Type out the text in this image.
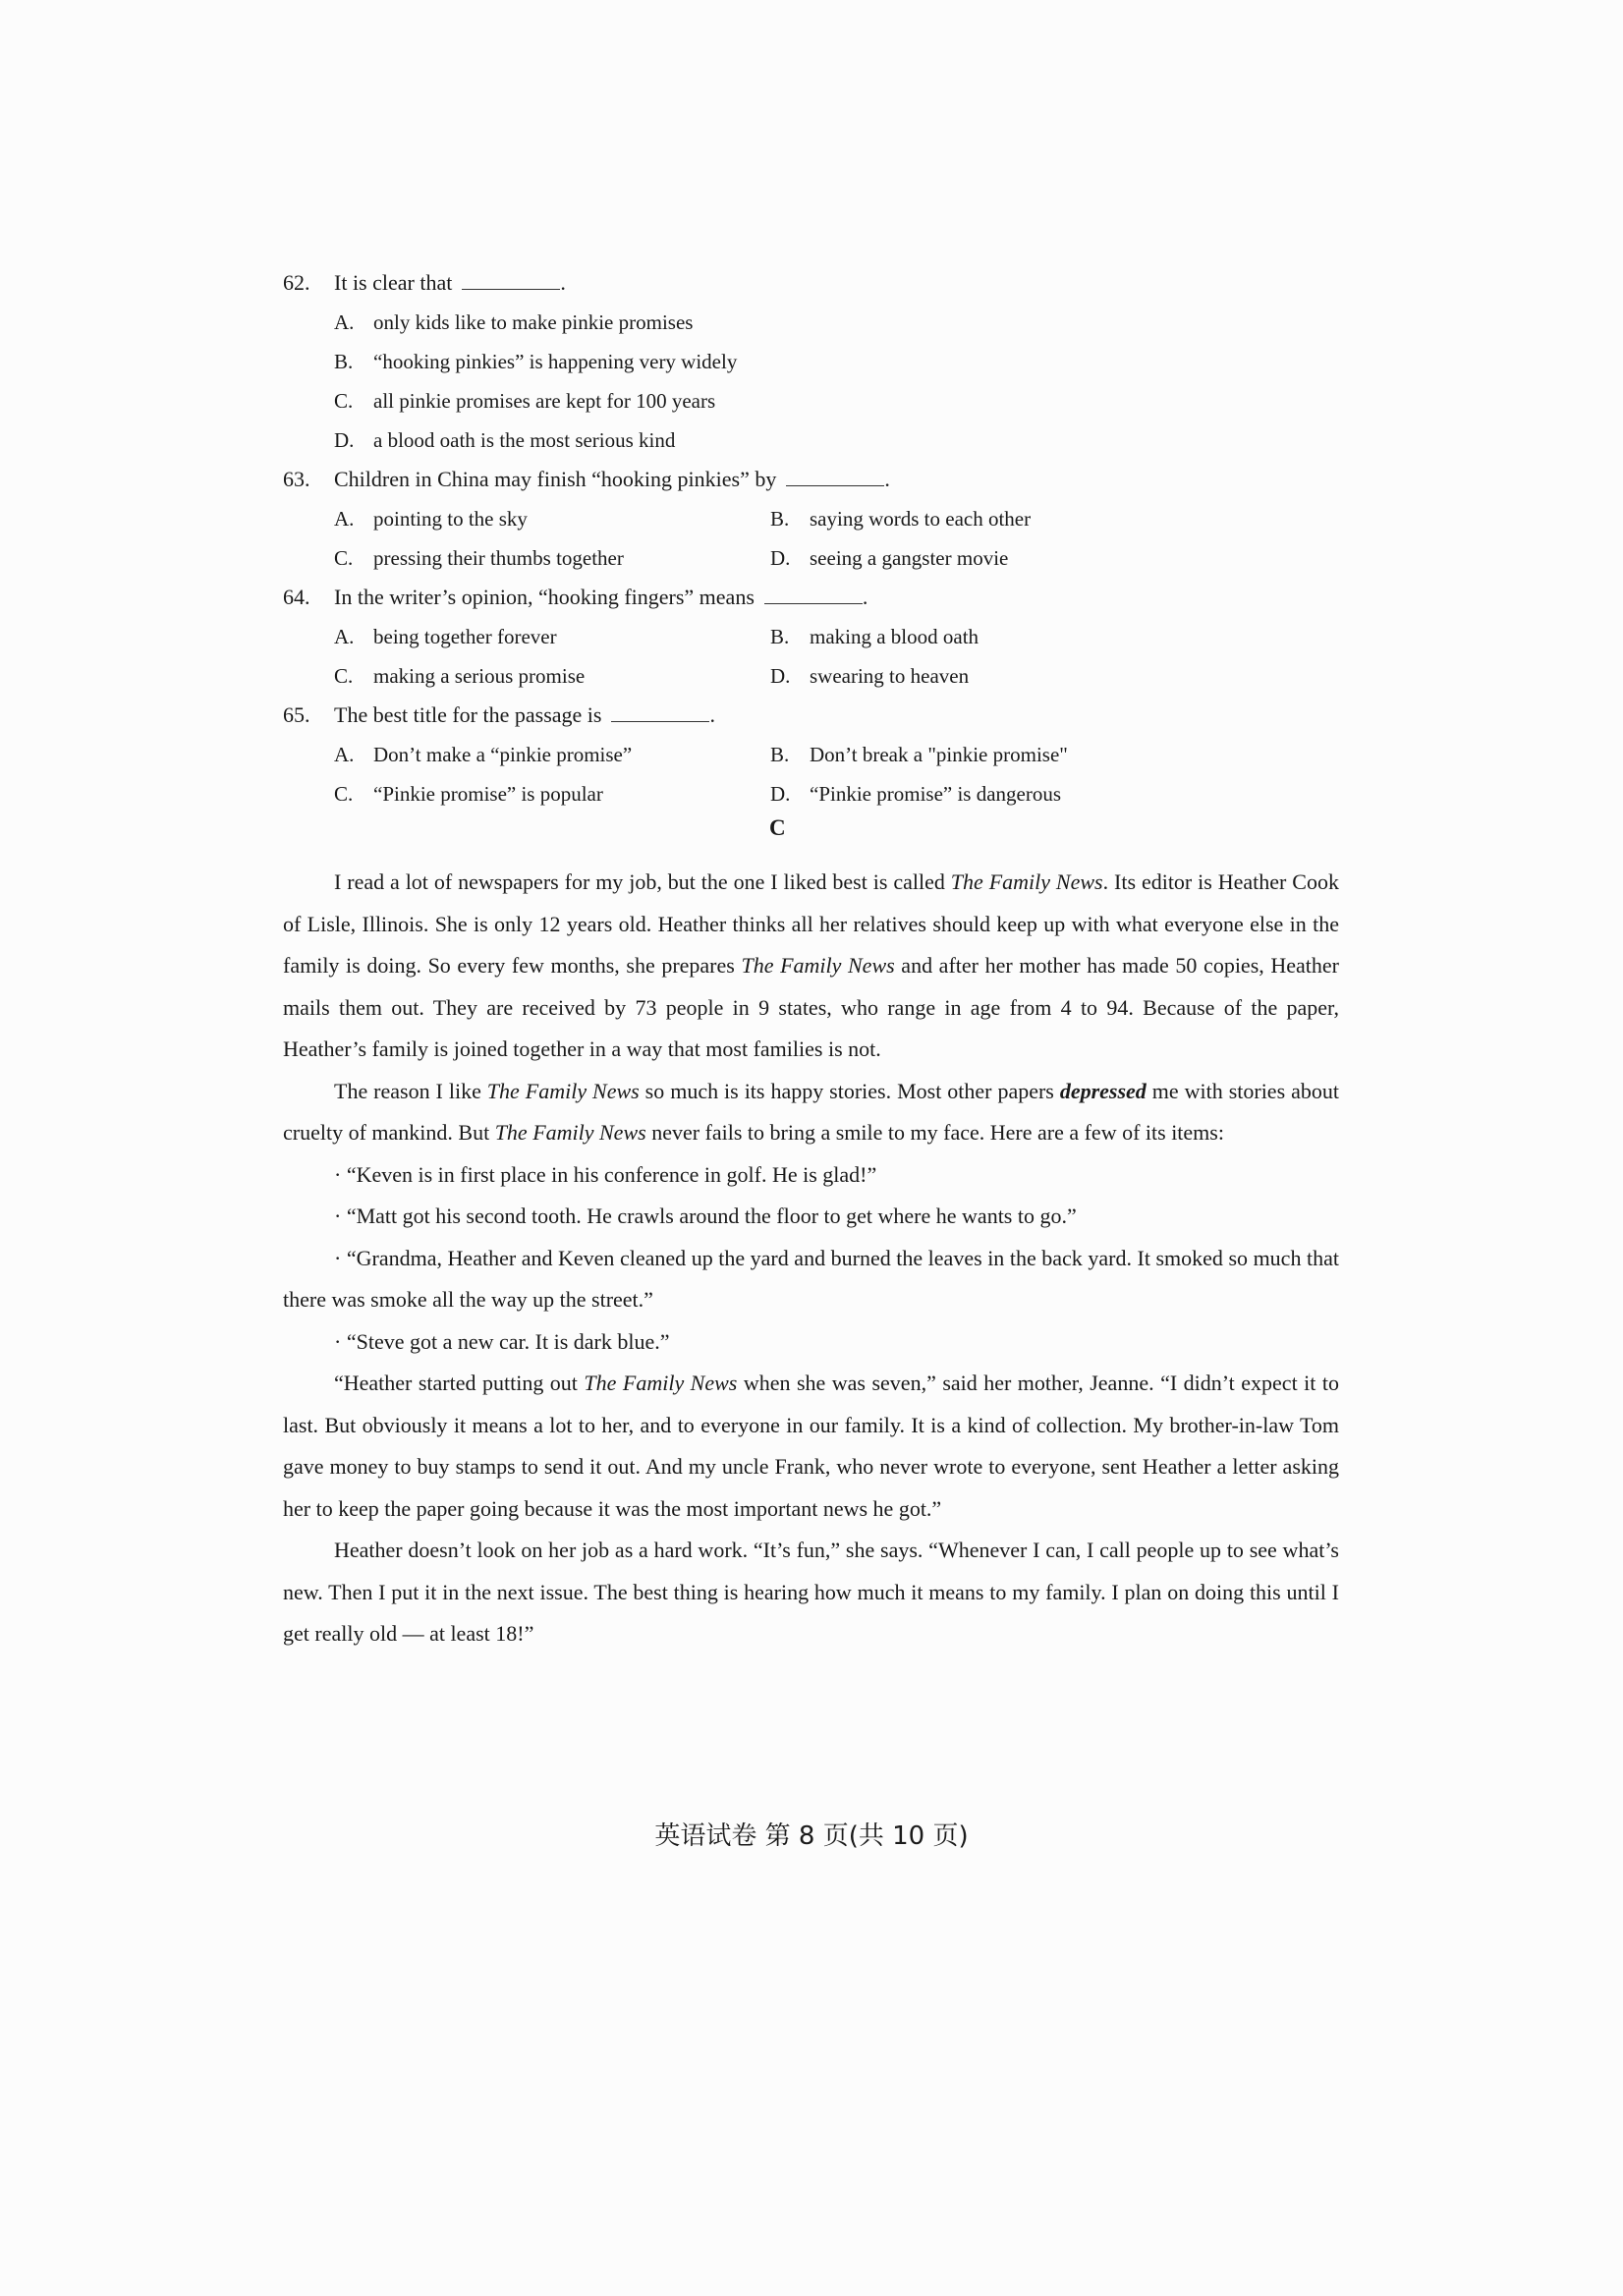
62. It is clear that	.
A. only kids like to make pinkie promises
B. “hooking pinkies” is happening very widely
C. all pinkie promises are kept for 100 years
D. a blood oath is the most serious kind
63. Children in China may finish “hooking pinkies” by	.
A. pointing to the sky	B. saying words to each other
C. pressing their thumbs together	D. seeing a gangster movie
64. In the writer’s opinion, “hooking fingers” means	.
A. being together forever	B. making a blood oath
C. making a serious promise	D. swearing to heaven
65. The best title for the passage is	.
A. Don’t make a “pinkie promise”	B. Don’t break a "pinkie promise"
C. “Pinkie promise” is popular	D. “Pinkie promise” is dangerous
C

I read a lot of newspapers for my job, but the one I liked best is called The Family News. Its editor is Heather Cook of Lisle, Illinois. She is only 12 years old. Heather thinks all her relatives should keep up with what everyone else in the family is doing. So every few months, she prepares The Family News and after her mother has made 50 copies, Heather mails them out. They are received by 73 people in 9 states, who range in age from 4 to 94. Because of the paper, Heather’s family is joined together in a way that most families is not.

The reason I like The Family News so much is its happy stories. Most other papers depressed me with stories about cruelty of mankind. But The Family News never fails to bring a smile to my face. Here are a few of its items:

· “Keven is in first place in his conference in golf. He is glad!”

· “Matt got his second tooth. He crawls around the floor to get where he wants to go.”

· “Grandma, Heather and Keven cleaned up the yard and burned the leaves in the back yard. It smoked so much that there was smoke all the way up the street.”

· “Steve got a new car. It is dark blue.”

“Heather started putting out The Family News when she was seven,” said her mother, Jeanne. “I didn’t expect it to last. But obviously it means a lot to her, and to everyone in our family. It is a kind of collection. My brother-in-law Tom gave money to buy stamps to send it out. And my uncle Frank, who never wrote to everyone, sent Heather a letter asking her to keep the paper going because it was the most important news he got.”

Heather doesn’t look on her job as a hard work. “It’s fun,” she says. “Whenever I can, I call people up to see what’s new. Then I put it in the next issue. The best thing is hearing how much it means to my family. I plan on doing this until I get really old — at least 18!”

英语试卷 第 8 页(共 10 页)
